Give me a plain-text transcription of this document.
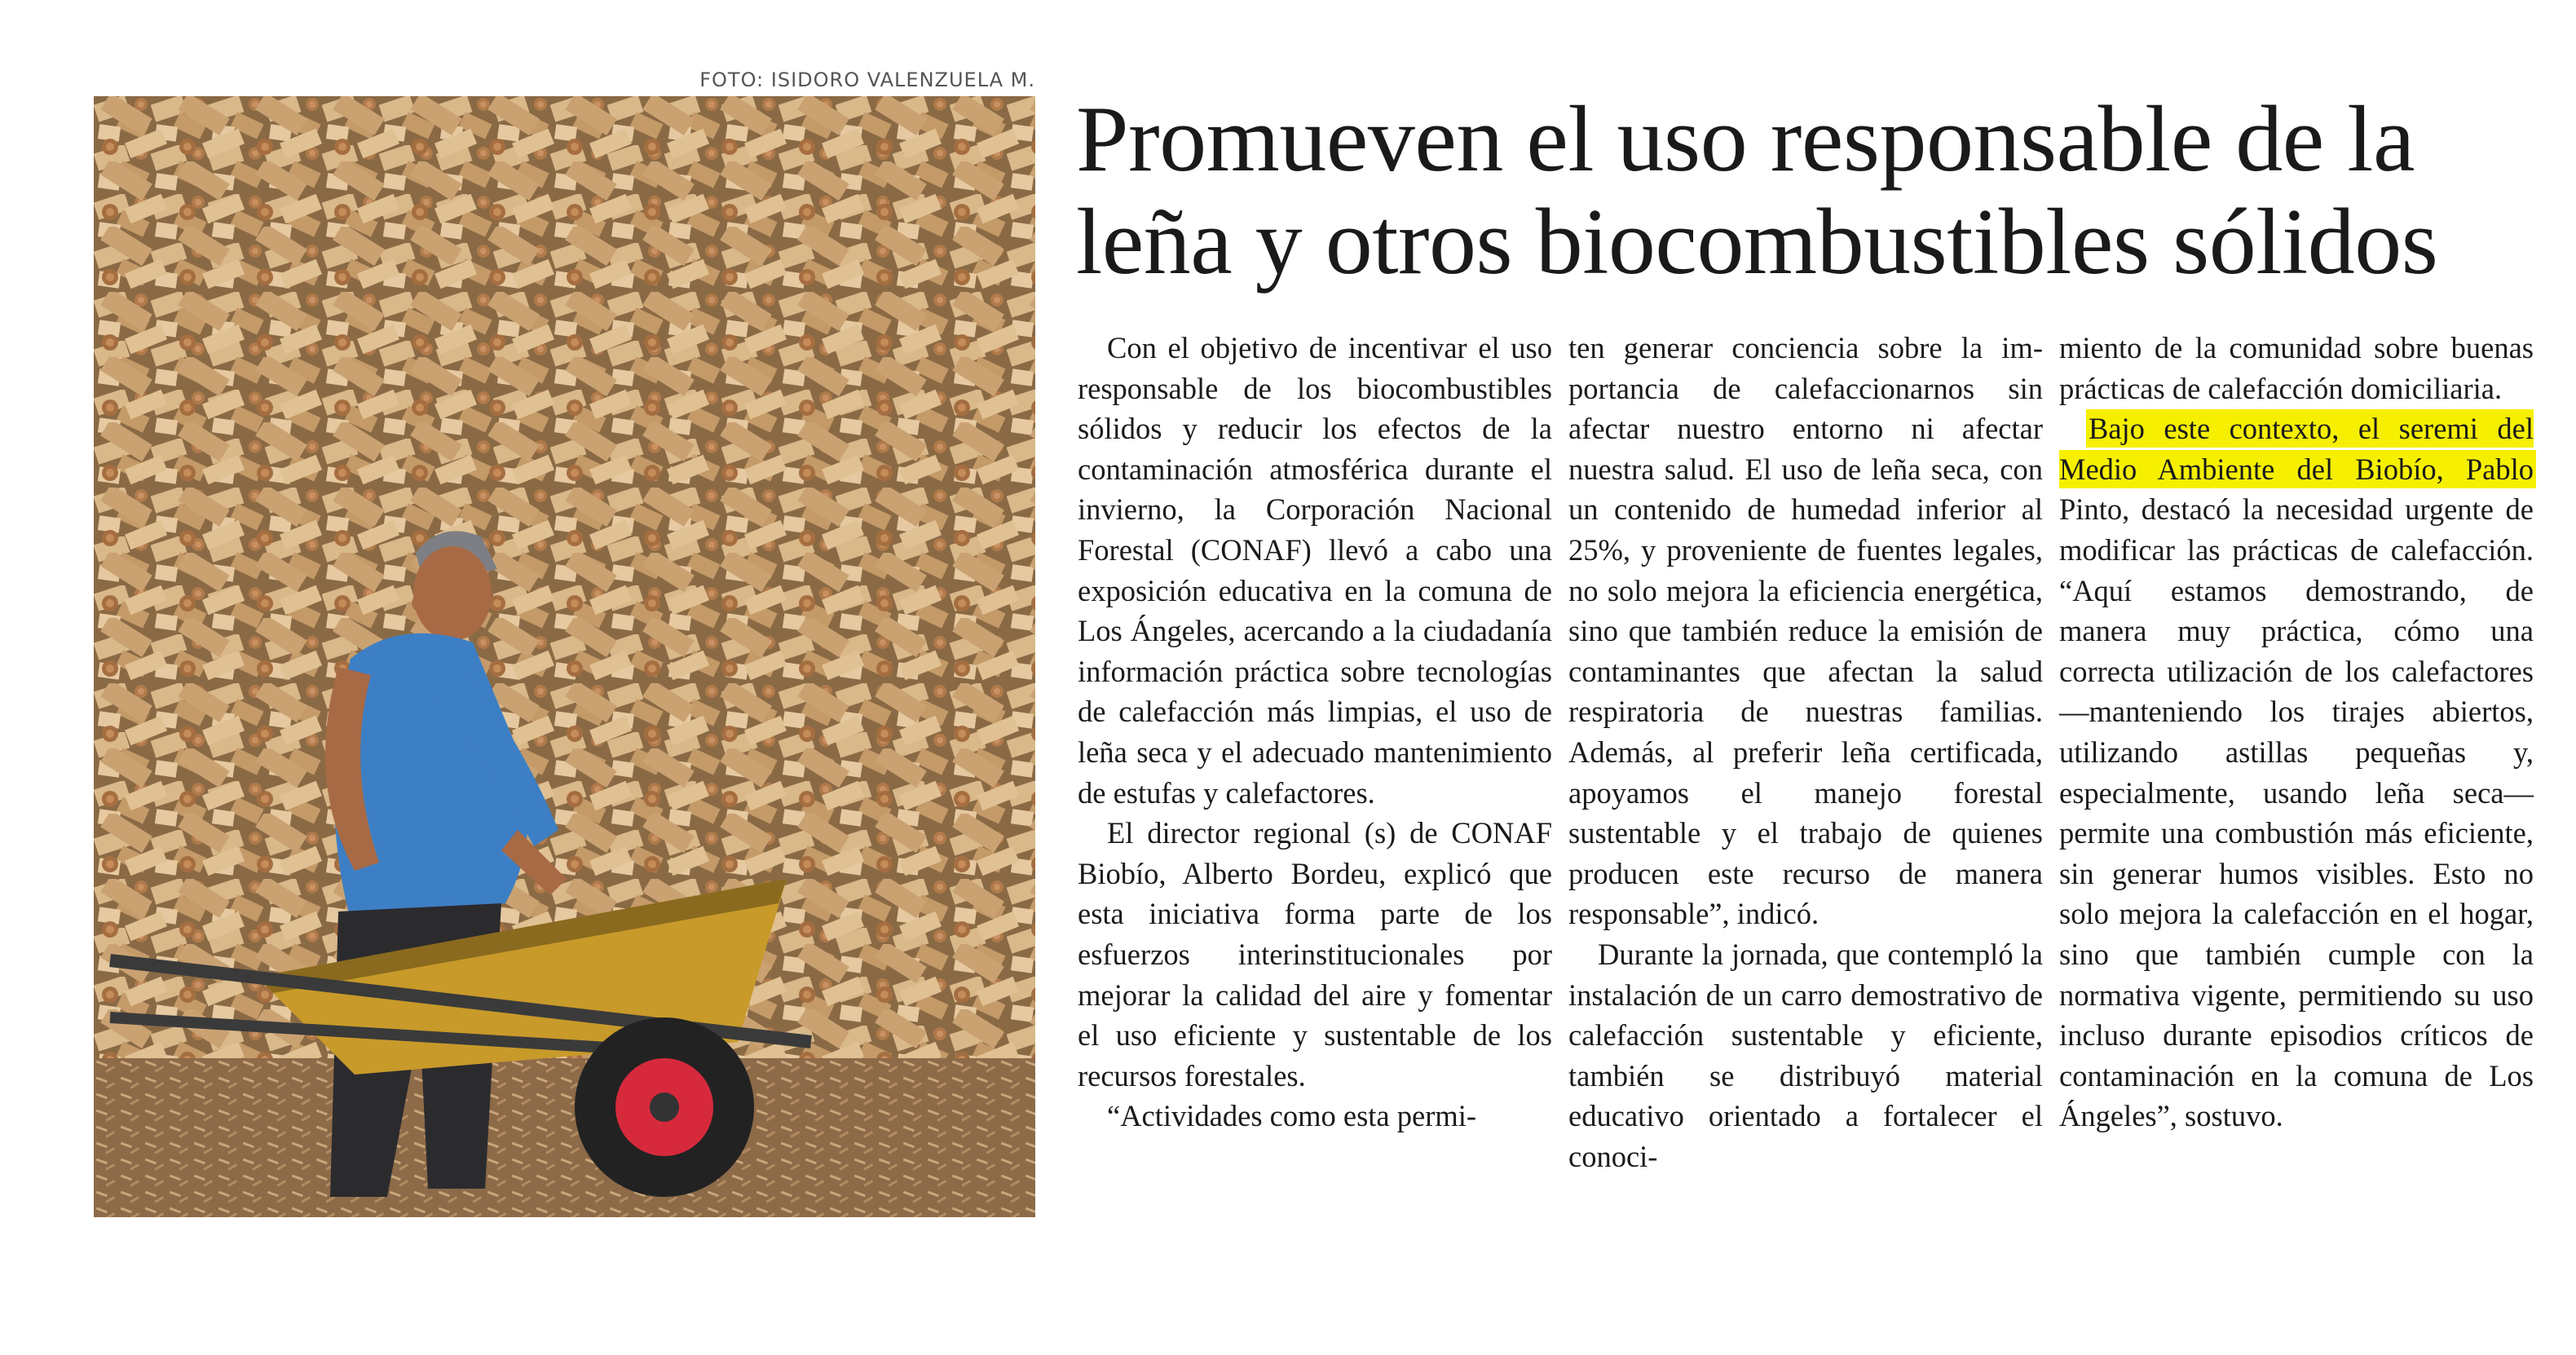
FOTO: ISIDORO VALENZUELA M.
Promueven el uso responsable de la leña y otros biocombustibles sólidos

Con el objetivo de incentivar el uso responsable de los biocombustibles sólidos y reducir los efectos de la contaminación atmosférica durante el invierno, la Corporación Nacional Forestal (CONAF) llevó a cabo una exposición educativa en la comuna de Los Ángeles, acercando a la ciudadanía información práctica sobre tecnologías de calefacción más limpias, el uso de leña seca y el adecuado mantenimiento de estufas y calefactores.

El director regional (s) de CONAF Biobío, Alberto Bordeu, explicó que esta iniciativa forma parte de los esfuerzos interinstitucionales por mejorar la calidad del aire y fomentar el uso eficiente y sustentable de los recursos forestales.

“Actividades como esta permi-

ten generar conciencia sobre la importancia de calefaccionarnos sin afectar nuestro entorno ni afectar nuestra salud. El uso de leña seca, con un contenido de humedad inferior al 25%, y proveniente de fuentes legales, no solo mejora la eficiencia energética, sino que también reduce la emisión de contaminantes que afectan la salud respiratoria de nuestras familias. Además, al preferir leña certificada, apoyamos el manejo forestal sustentable y el trabajo de quienes producen este recurso de manera responsable”, indicó.

Durante la jornada, que contempló la instalación de un carro demostrativo de calefacción sustentable y eficiente, también se distribuyó material educativo orientado a fortalecer el conoci-

miento de la comunidad sobre buenas prácticas de calefacción domiciliaria.

Bajo este contexto, el seremi del Medio Ambiente del Biobío, Pablo Pinto, destacó la necesidad urgente de modificar las prácticas de calefacción. “Aquí estamos demostrando, de manera muy práctica, cómo una correcta utilización de los calefactores —manteniendo los tirajes abiertos, utilizando astillas pequeñas y, especialmente, usando leña seca— permite una combustión más eficiente, sin generar humos visibles. Esto no solo mejora la calefacción en el hogar, sino que también cumple con la normativa vigente, permitiendo su uso incluso durante episodios críticos de contaminación en la comuna de Los Ángeles”, sostuvo.
